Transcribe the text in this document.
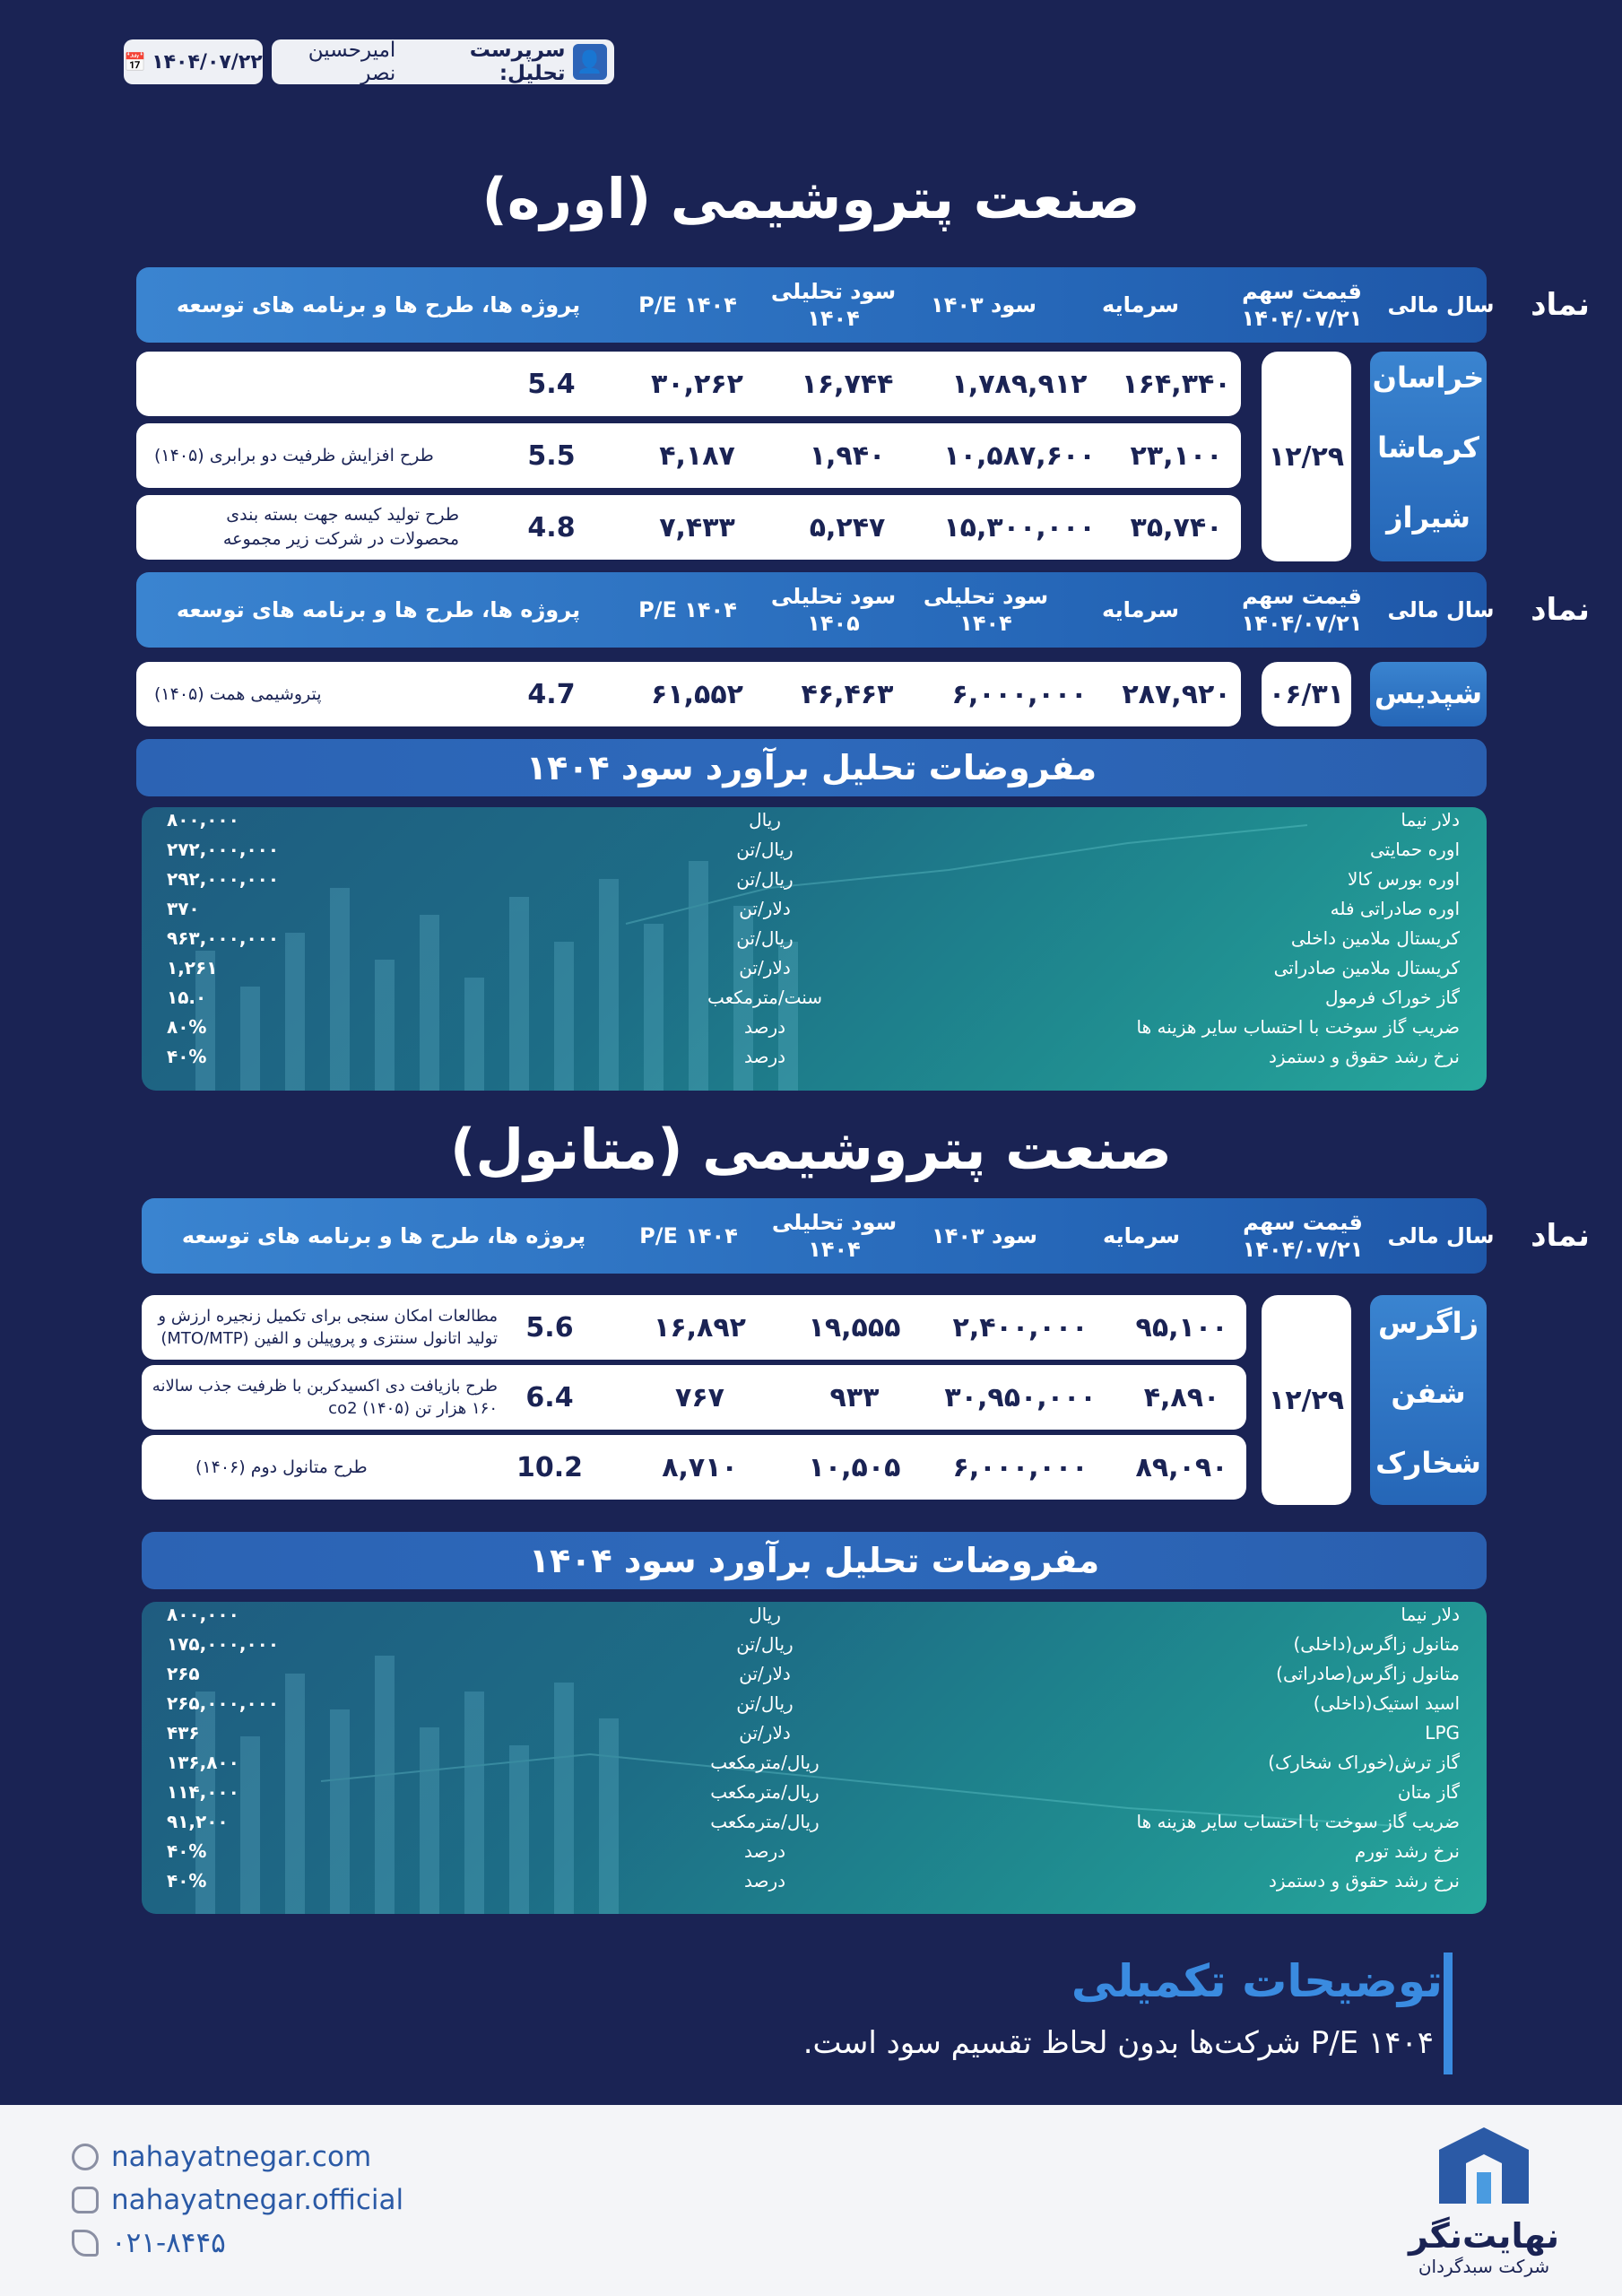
📅 ۱۴۰۴/۰۷/۲۲	👤
سرپرست تحلیل:
امیرحسین نصر
صنعت پتروشیمی (اوره)
نماد
سال مالی
قیمت سهم ۱۴۰۴/۰۷/۲۱
سرمایه
سود ۱۴۰۳
سود تحلیلی ۱۴۰۴
P/E ۱۴۰۴
پروژه ها، طرح ها و برنامه های توسعه
خراسان
کرماشا
شیراز
۱۲/۲۹
۱۶۴,۳۴۰
۱,۷۸۹,۹۱۲
۱۶,۷۴۴
۳۰,۲۶۲
5.4
۲۳,۱۰۰
۱۰,۵۸۷,۶۰۰
۱,۹۴۰
۴,۱۸۷
5.5
طرح افزایش ظرفیت دو برابری (۱۴۰۵)
۳۵,۷۴۰
۱۵,۳۰۰,۰۰۰
۵,۲۴۷
۷,۴۳۳
4.8
طرح تولید کیسه جهت بسته بندی محصولات در شرکت زیر مجموعه
نماد
سال مالی
قیمت سهم ۱۴۰۴/۰۷/۲۱
سرمایه
سود تحلیلی ۱۴۰۴
سود تحلیلی ۱۴۰۵
P/E ۱۴۰۴
پروژه ها، طرح ها و برنامه های توسعه
شپدیس
۰۶/۳۱
۲۸۷,۹۲۰
۶,۰۰۰,۰۰۰
۴۶,۴۶۳
۶۱,۵۵۲
4.7
پتروشیمی همت (۱۴۰۵)
مفروضات تحلیل برآورد سود ۱۴۰۴
دلار نیما
ریال
۸۰۰,۰۰۰
اوره حمایتی
ریال/تن
۲۷۲,۰۰۰,۰۰۰
اوره بورس کالا
ریال/تن
۲۹۲,۰۰۰,۰۰۰
اوره صادراتی فله
دلار/تن
۳۷۰
کریستال ملامین داخلی
ریال/تن
۹۶۳,۰۰۰,۰۰۰
کریستال ملامین صادراتی
دلار/تن
۱,۲۶۱
گاز خوراک فرمول
سنت/مترمکعب
۱۵.۰
ضریب گاز سوخت با احتساب سایر هزینه ها
درصد
۸۰%
نرخ رشد حقوق و دستمزد
درصد
۴۰%
صنعت پتروشیمی (متانول)
نماد
سال مالی
قیمت سهم ۱۴۰۴/۰۷/۲۱
سرمایه
سود ۱۴۰۳
سود تحلیلی ۱۴۰۴
P/E ۱۴۰۴
پروژه ها، طرح ها و برنامه های توسعه
زاگرس
شفن
شخارک
۱۲/۲۹
۹۵,۱۰۰
۲,۴۰۰,۰۰۰
۱۹,۵۵۵
۱۶,۸۹۲
5.6
مطالعات امکان سنجی برای تکمیل زنجیره ارزش و تولید اتانول سنتزی و پروپیلن و الفین (MTO/MTP)
۴,۸۹۰
۳۰,۹۵۰,۰۰۰
۹۳۳
۷۶۷
6.4
طرح بازیافت دی اکسیدکربن با ظرفیت جذب سالانه ۱۶۰ هزار تن co2 (۱۴۰۵)
۸۹,۰۹۰
۶,۰۰۰,۰۰۰
۱۰,۵۰۵
۸,۷۱۰
10.2
طرح متانول دوم (۱۴۰۶)
مفروضات تحلیل برآورد سود ۱۴۰۴
دلار نیما
ریال
۸۰۰,۰۰۰
متانول زاگرس(داخلی)
ریال/تن
۱۷۵,۰۰۰,۰۰۰
متانول زاگرس(صادراتی)
دلار/تن
۲۶۵
اسید استیک(داخلی)
ریال/تن
۲۶۵,۰۰۰,۰۰۰
LPG
دلار/تن
۴۳۶
گاز ترش(خوراک شخارک)
ریال/مترمکعب
۱۳۶,۸۰۰
گاز متان
ریال/مترمکعب
۱۱۴,۰۰۰
ضریب گاز سوخت با احتساب سایر هزینه ها
ریال/مترمکعب
۹۱,۲۰۰
نرخ رشد تورم
درصد
۴۰%
نرخ رشد حقوق و دستمزد
درصد
۴۰%
توضیحات تکمیلی
P/E ۱۴۰۴ شرکت‌ها بدون لحاظ تقسیم سود است.
nahayatnegar.com
nahayatnegar.official
۰۲۱-۸۴۴۵	نهایت‌نگر
شرکت سبدگردان
